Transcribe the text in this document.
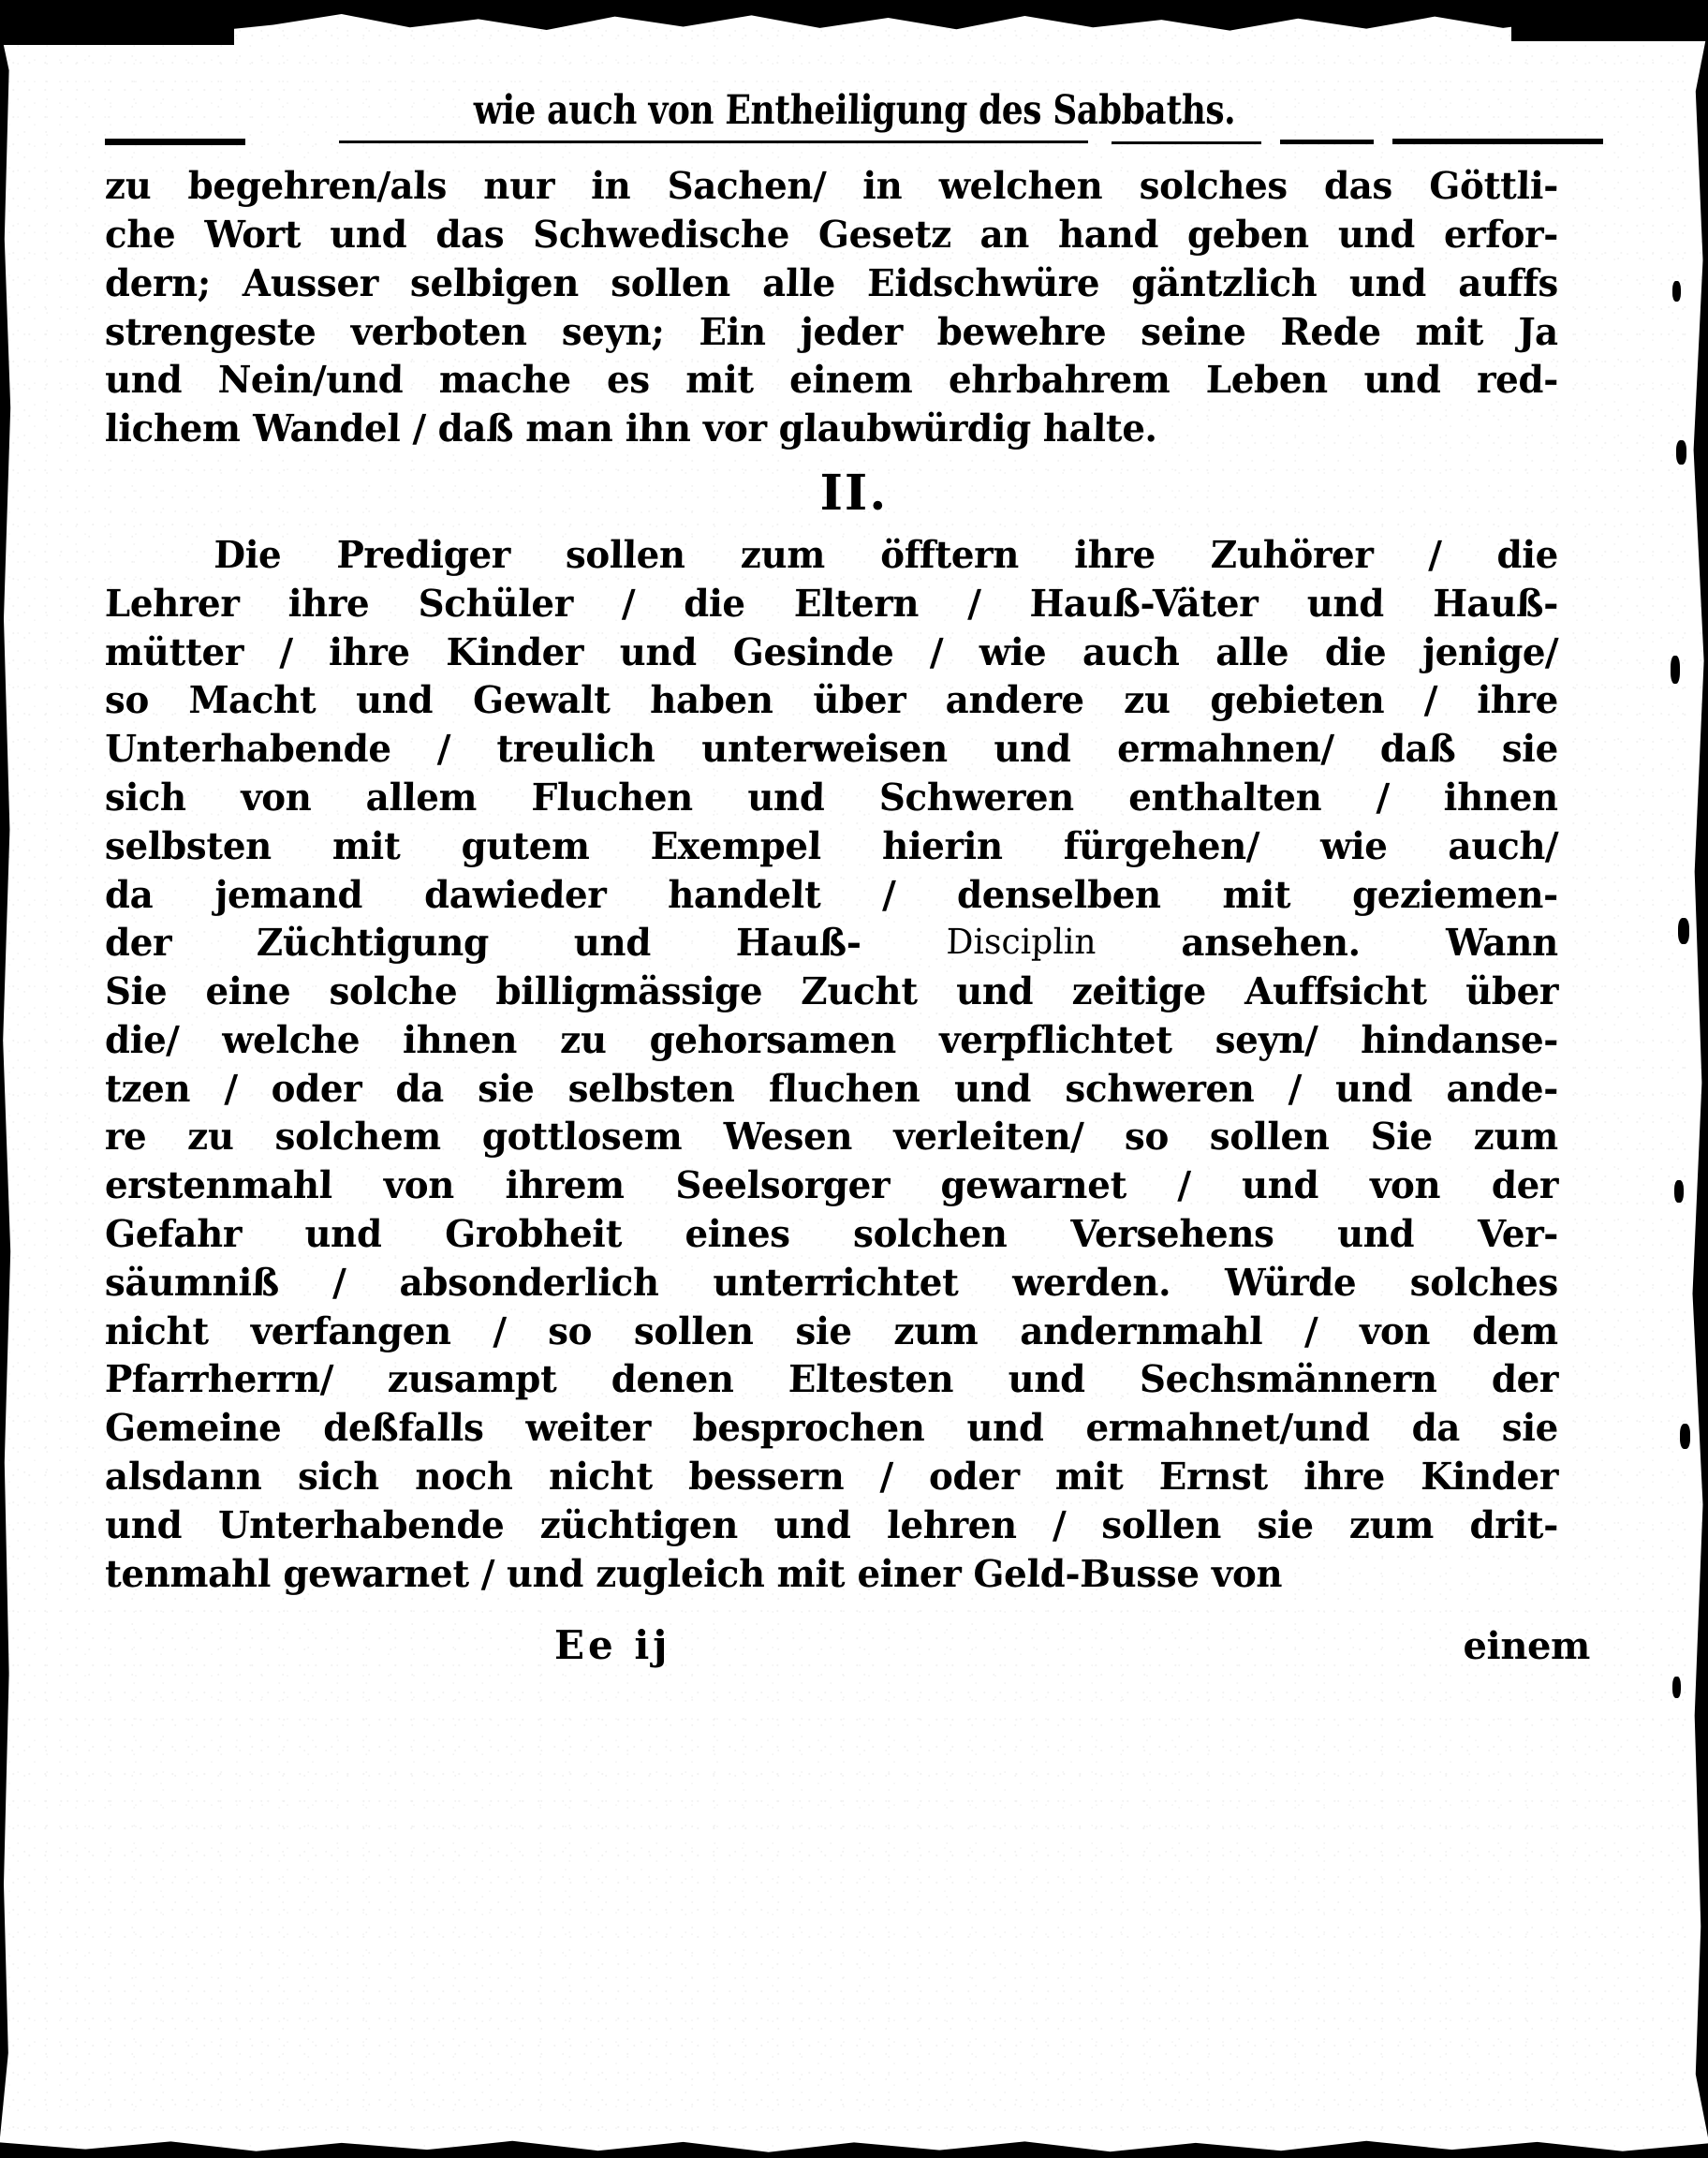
wie auch von Entheiligung des Sabbaths.
zu begehren/als nur in Sachen/ in welchen solches das Göttli-
che Wort und das Schwedische Gesetz an hand geben und erfor-
dern; Ausser selbigen sollen alle Eidschwüre gäntzlich und auffs
strengeste verboten seyn; Ein jeder bewehre seine Rede mit Ja
und Nein/und mache es mit einem ehrbahrem Leben und red-
lichem Wandel / daß man ihn vor glaubwürdig halte.
II.
Die Prediger sollen zum öfftern ihre Zuhörer / die
Lehrer ihre Schüler / die Eltern / Hauß-Väter und Hauß-
mütter / ihre Kinder und Gesinde / wie auch alle die jenige/
so Macht und Gewalt haben über andere zu gebieten / ihre
Unterhabende / treulich unterweisen und ermahnen/ daß sie
sich von allem Fluchen und Schweren enthalten / ihnen
selbsten mit gutem Exempel hierin fürgehen/ wie auch/
da jemand dawieder handelt / denselben mit geziemen-
der Züchtigung und Hauß- Disciplin ansehen. Wann
Sie eine solche billigmässige Zucht und zeitige Auffsicht über
die/ welche ihnen zu gehorsamen verpflichtet seyn/ hindanse-
tzen / oder da sie selbsten fluchen und schweren / und ande-
re zu solchem gottlosem Wesen verleiten/ so sollen Sie zum
erstenmahl von ihrem Seelsorger gewarnet / und von der
Gefahr und Grobheit eines solchen Versehens und Ver-
säumniß / absonderlich unterrichtet werden. Würde solches
nicht verfangen / so sollen sie zum andernmahl / von dem
Pfarrherrn/ zusampt denen Eltesten und Sechsmännern der
Gemeine deßfalls weiter besprochen und ermahnet/und da sie
alsdann sich noch nicht bessern / oder mit Ernst ihre Kinder
und Unterhabende züchtigen und lehren / sollen sie zum drit-
tenmahl gewarnet / und zugleich mit einer Geld-Busse von
Ee ij	einem
